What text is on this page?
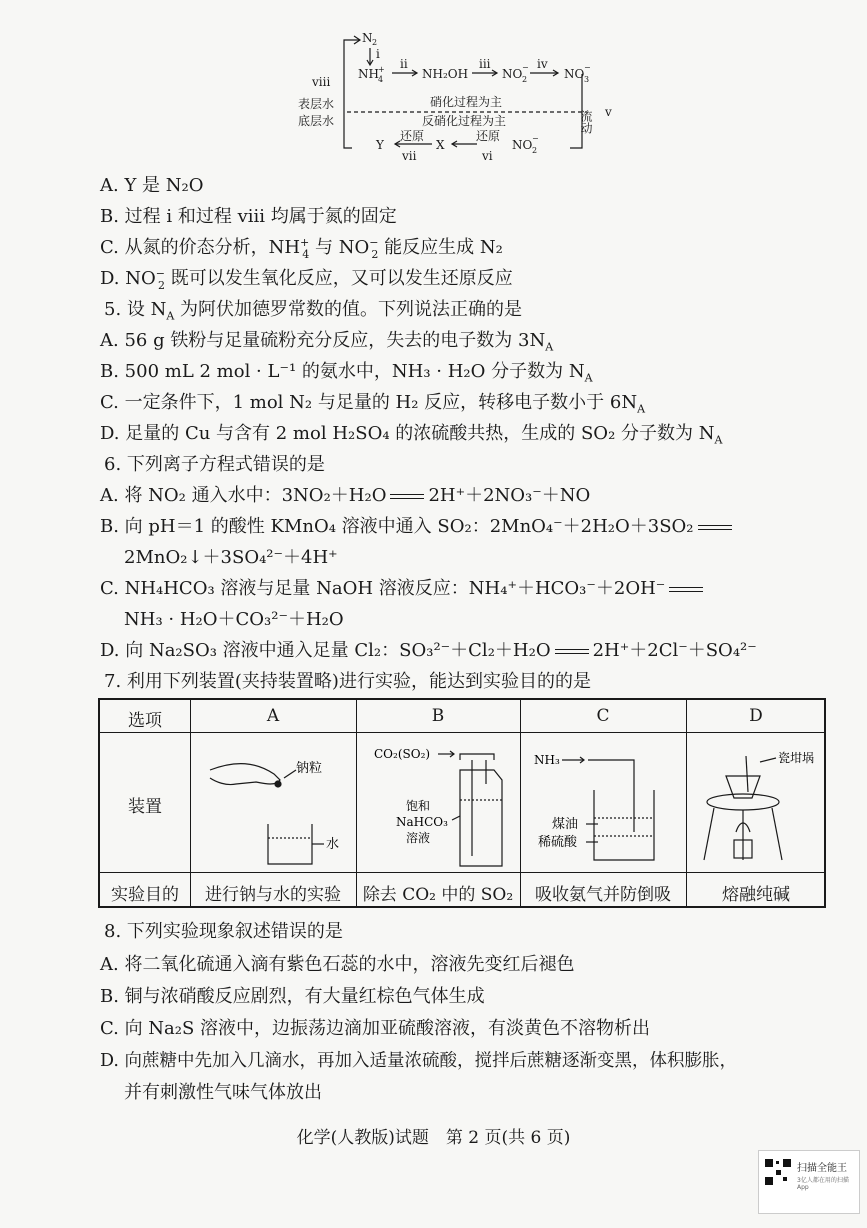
N
i
NH
ii
NH₂OH
iii
NO
iv
NO
viii
表层水
底层水
硝化过程为主
反硝化过程为主	流动 v
Y	X	NO
还原	还原
vii	vi
2
+
4	2
−	−
3
2
−
A. Y 是 N₂O
B. 过程 i 和过程 viii 均属于氮的固定
C. 从氮的价态分析，$NH^+_4$ 与 $NO^-_2$ 能反应生成 N₂
D. $NO^-_2$ 既可以发生氧化反应，又可以发生还原反应
5. 设 $N_A$ 为阿伏加德罗常数的值。下列说法正确的是
A. 56 g 铁粉与足量硫粉充分反应，失去的电子数为 $3N_A$
B. 500 mL 2 mol · L⁻¹ 的氨水中，NH₃ · H₂O 分子数为 $N_A$
C. 一定条件下，1 mol N₂ 与足量的 H₂ 反应，转移电子数小于 $6N_A$
D. 足量的 Cu 与含有 2 mol H₂SO₄ 的浓硫酸共热，生成的 SO₂ 分子数为 $N_A$
6. 下列离子方程式错误的是
A. 将 NO₂ 通入水中：3NO₂＋H₂O 2H⁺＋2NO₃⁻＋NO
B. 向 pH＝1 的酸性 KMnO₄ 溶液中通入 SO₂：2MnO₄⁻＋2H₂O＋3SO₂
2MnO₂↓＋3SO₄²⁻＋4H⁺
C. NH₄HCO₃ 溶液与足量 NaOH 溶液反应：NH₄⁺＋HCO₃⁻＋2OH⁻
NH₃ · H₂O＋CO₃²⁻＋H₂O
D. 向 Na₂SO₃ 溶液中通入足量 Cl₂：SO₃²⁻＋Cl₂＋H₂O 2H⁺＋2Cl⁻＋SO₄²⁻
7. 利用下列装置(夹持装置略)进行实验，能达到实验目的的是
选项	A	B	C	D
装置
实验目的	进行钠与水的实验	除去 CO₂ 中的 SO₂	吸收氨气并防倒吸	熔融纯碱
钠粒
水
CO₂(SO₂)
饱和
NaHCO₃
溶液
NH₃
煤油
稀硫酸
瓷坩埚
8. 下列实验现象叙述错误的是
A. 将二氧化硫通入滴有紫色石蕊的水中，溶液先变红后褪色
B. 铜与浓硝酸反应剧烈，有大量红棕色气体生成
C. 向 Na₂S 溶液中，边振荡边滴加亚硫酸溶液，有淡黄色不溶物析出
D. 向蔗糖中先加入几滴水，再加入适量浓硫酸，搅拌后蔗糖逐渐变黑，体积膨胀，
并有刺激性气味气体放出
化学(人教版)试题　第 2 页(共 6 页)
扫描全能王
3亿人都在用的扫描App
